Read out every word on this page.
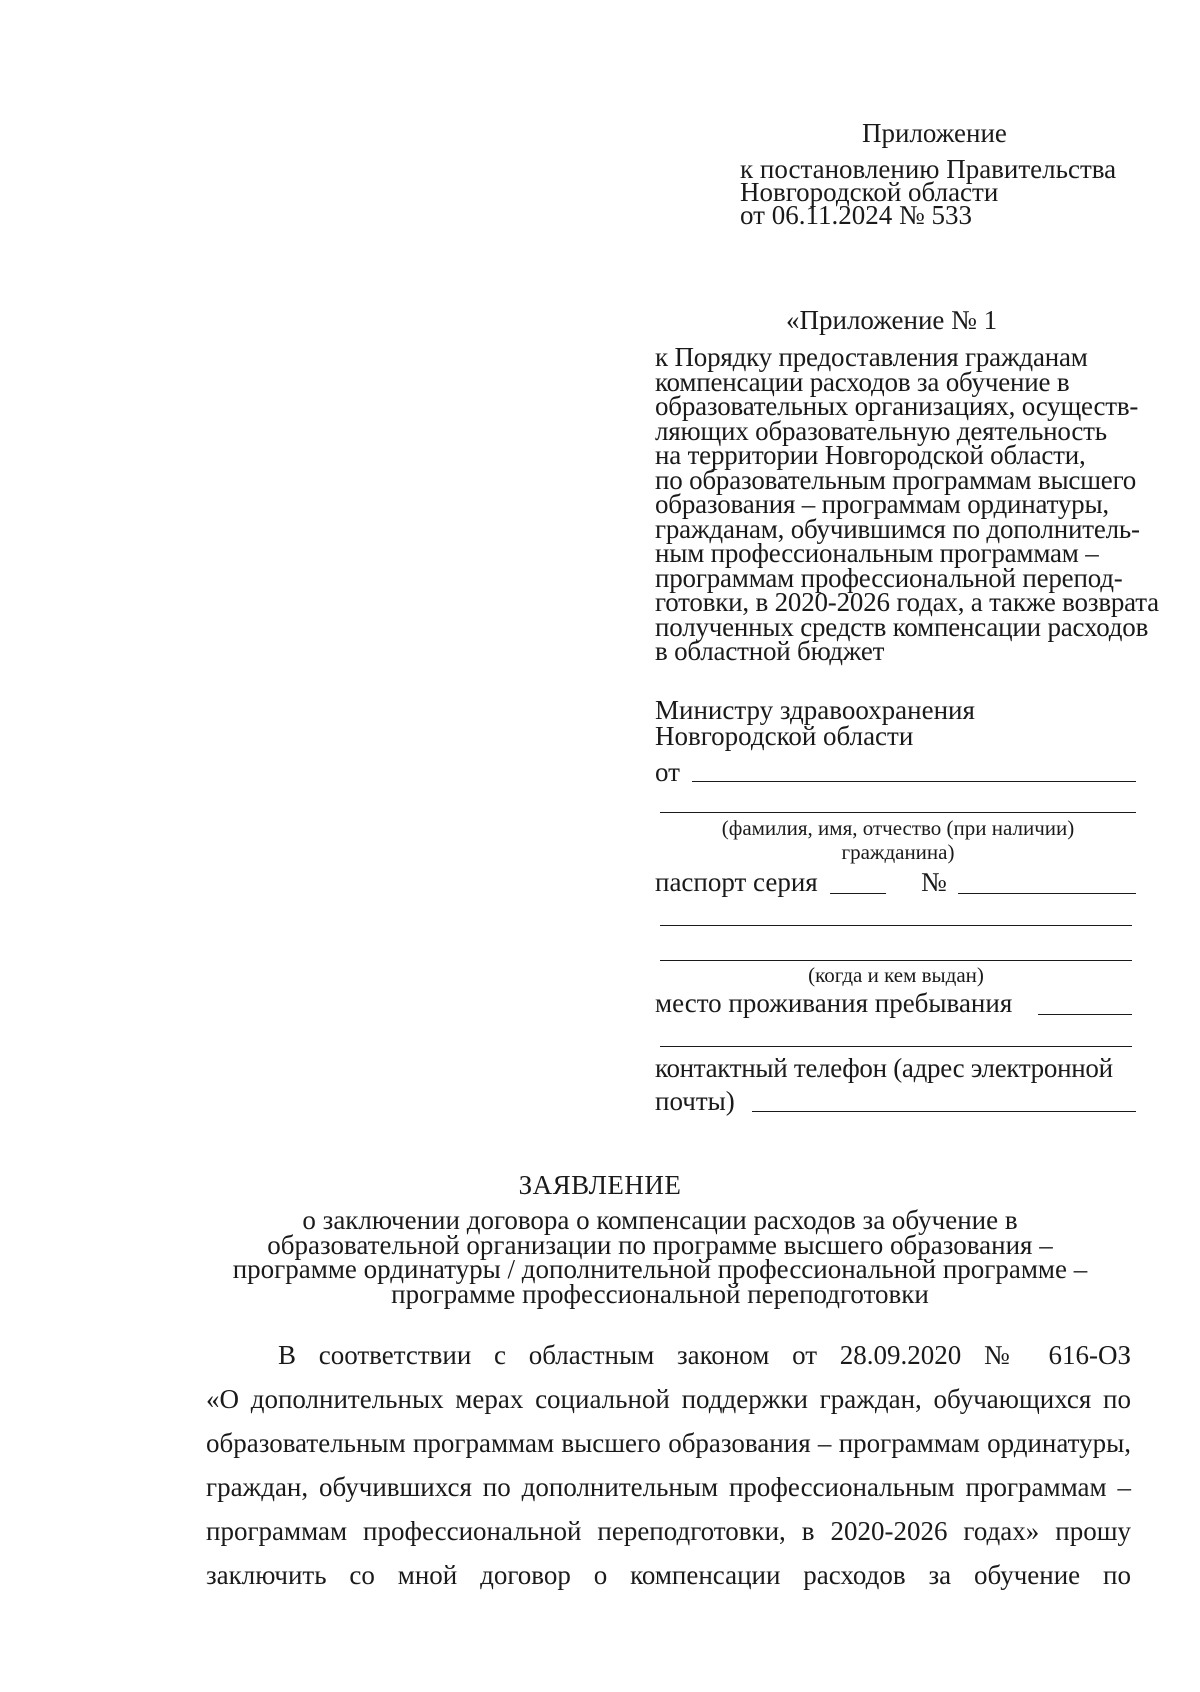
Приложение
к постановлению Правительства
Новгородской области
от 06.11.2024 № 533
«Приложение № 1
к Порядку предоставления гражданам
компенсации расходов за обучение в
образовательных организациях, осуществ-
ляющих образовательную деятельность
на территории Новгородской области,
по образовательным программам высшего
образования – программам ординатуры,
гражданам, обучившимся по дополнитель-
ным профессиональным программам –
программам профессиональной перепод-
готовки, в 2020-2026 годах, а также возврата
полученных средств компенсации расходов
в областной бюджет
Министру здравоохранения
Новгородской области
от
(фамилия, имя, отчество (при наличии)
гражданина)
паспорт серия	№
(когда и кем выдан)
место проживания пребывания
контактный телефон (адрес электронной
почты)
ЗАЯВЛЕНИЕ
о заключении договора о компенсации расходов за обучение в
образовательной организации по программе высшего образования –
программе ординатуры / дополнительной профессиональной программе –
программе профессиональной переподготовки
В соответствии с областным законом от 28.09.2020 № 616-ОЗ
«О дополнительных мерах социальной поддержки граждан, обучающихся по
образовательным программам высшего образования – программам ординатуры,
граждан, обучившихся по дополнительным профессиональным программам –
программам профессиональной переподготовки, в 2020-2026 годах» прошу
заключить со мной договор о компенсации расходов за обучение по
